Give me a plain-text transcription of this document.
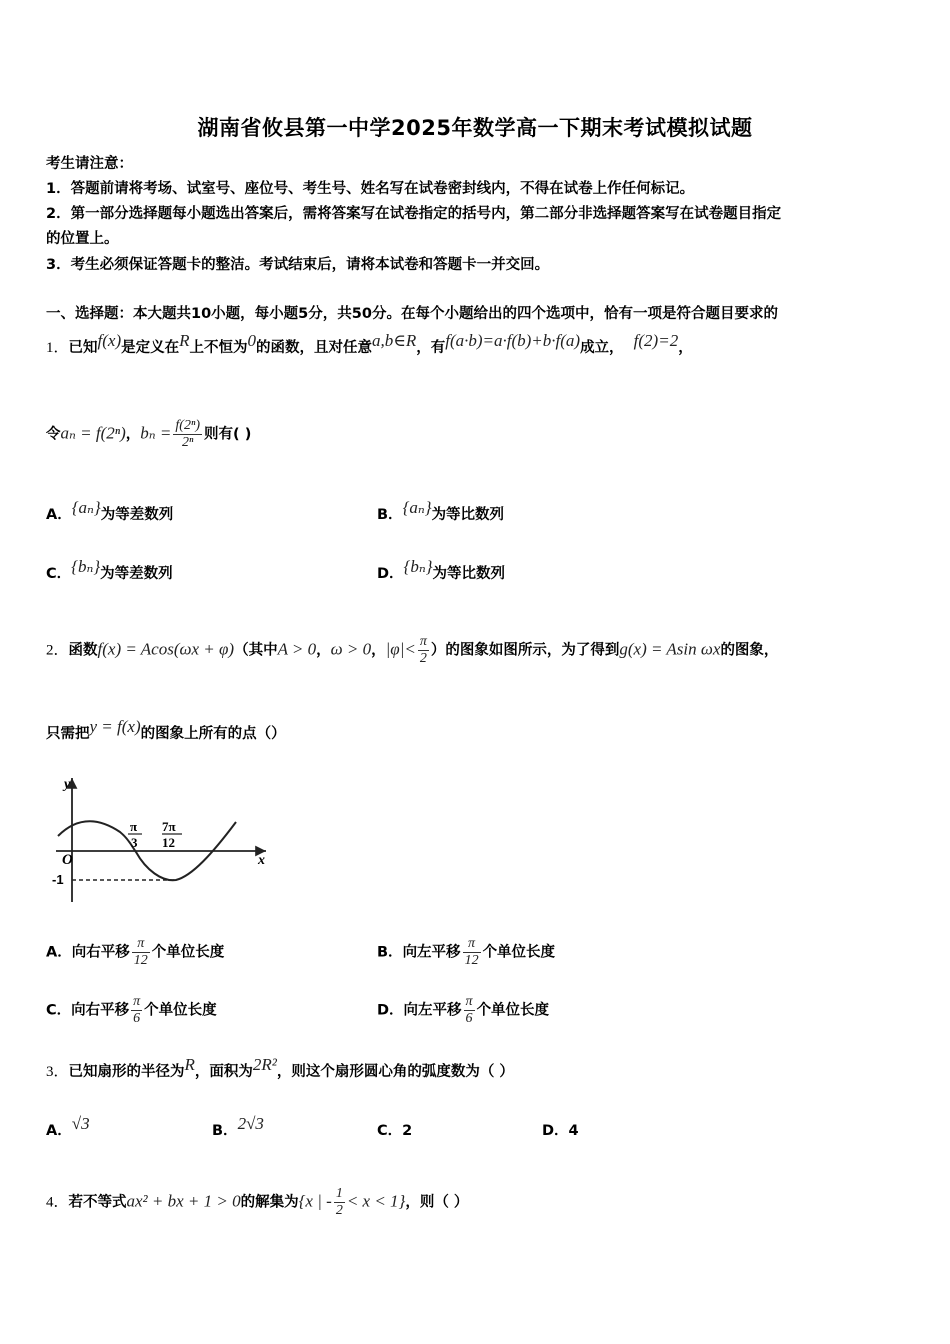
湖南省攸县第一中学2025年数学高一下期末考试模拟试题
考生请注意：
1．答题前请将考场、试室号、座位号、考生号、姓名写在试卷密封线内，不得在试卷上作任何标记。
2．第一部分选择题每小题选出答案后，需将答案写在试卷指定的括号内，第二部分非选择题答案写在试卷题目指定
的位置上。
3．考生必须保证答题卡的整洁。考试结束后，请将本试卷和答题卡一并交回。
一、选择题：本大题共10小题，每小题5分，共50分。在每个小题给出的四个选项中，恰有一项是符合题目要求的
1．已知f(x)是定义在R上不恒为0的函数，且对任意a,b∈R，有f(a·b)=a·f(b)+b·f(a)成立， f(2)=2，
令aₙ = f(2ⁿ)，$b_n = \frac{\text{f(2ⁿ)}}{\text{2ⁿ}}$ 则有( )
A．{aₙ}为等差数列	B．{aₙ}为等比数列
C．{bₙ}为等差数列	D．{bₙ}为等比数列
2．函数f(x) = Acos(ωx + φ)（其中A > 0，ω > 0，$|\varphi|< \frac{\pi}{2}$ ）的图象如图所示，为了得到g(x) = Asin ωx的图象，
只需把y = f(x)的图象上所有的点（）
y
x
O
-1
π
3
7π
12
A．向右平移 $\frac{\pi}{12}$ 个单位长度	B．向左平移 $\frac{\pi}{12}$ 个单位长度
C．向右平移 $\frac{\pi}{6}$ 个单位长度	D．向左平移 $\frac{\pi}{6}$ 个单位长度
3．已知扇形的半径为R，面积为2R²，则这个扇形圆心角的弧度数为（ ）
A．√3	B．2√3	C．2	D．4
4．若不等式ax² + bx + 1 > 0的解集为{x | - $\frac{1}{2} < x < 1$}，则（ ）
